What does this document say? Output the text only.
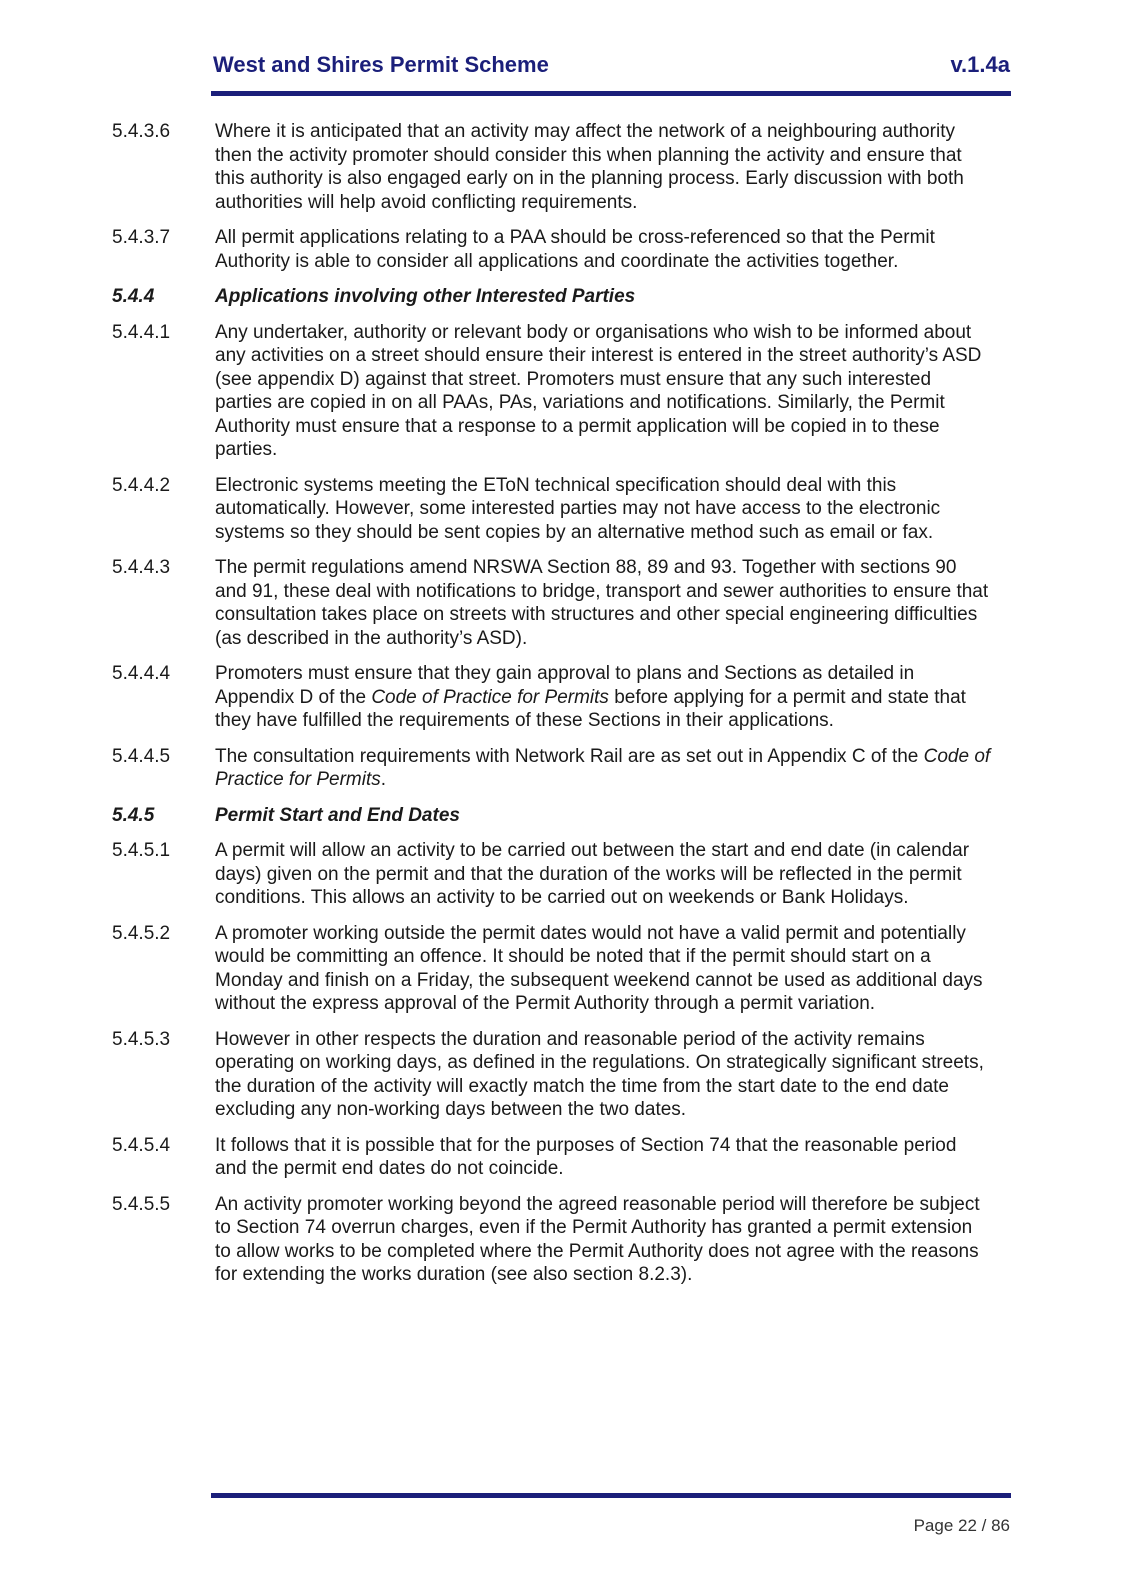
West and Shires Permit Scheme	v.1.4a
5.4.3.6	Where it is anticipated that an activity may affect the network of a neighbouring authority then the activity promoter should consider this when planning the activity and ensure that this authority is also engaged early on in the planning process. Early discussion with both authorities will help avoid conflicting requirements.
5.4.3.7	All permit applications relating to a PAA should be cross-referenced so that the Permit Authority is able to consider all applications and coordinate the activities together.
5.4.4	Applications involving other Interested Parties
5.4.4.1	Any undertaker, authority or relevant body or organisations who wish to be informed about any activities on a street should ensure their interest is entered in the street authority’s ASD (see appendix D) against that street. Promoters must ensure that any such interested parties are copied in on all PAAs, PAs, variations and notifications. Similarly, the Permit Authority must ensure that a response to a permit application will be copied in to these parties.
5.4.4.2	Electronic systems meeting the EToN technical specification should deal with this automatically. However, some interested parties may not have access to the electronic systems so they should be sent copies by an alternative method such as email or fax.
5.4.4.3	The permit regulations amend NRSWA Section 88, 89 and 93. Together with sections 90 and 91, these deal with notifications to bridge, transport and sewer authorities to ensure that consultation takes place on streets with structures and other special engineering difficulties (as described in the authority’s ASD).
5.4.4.4	Promoters must ensure that they gain approval to plans and Sections as detailed in Appendix D of the Code of Practice for Permits before applying for a permit and state that they have fulfilled the requirements of these Sections in their applications.
5.4.4.5	The consultation requirements with Network Rail are as set out in Appendix C of the Code of Practice for Permits.
5.4.5	Permit Start and End Dates
5.4.5.1	A permit will allow an activity to be carried out between the start and end date (in calendar days) given on the permit and that the duration of the works will be reflected in the permit conditions. This allows an activity to be carried out on weekends or Bank Holidays.
5.4.5.2	A promoter working outside the permit dates would not have a valid permit and potentially would be committing an offence. It should be noted that if the permit should start on a Monday and finish on a Friday, the subsequent weekend cannot be used as additional days without the express approval of the Permit Authority through a permit variation.
5.4.5.3	However in other respects the duration and reasonable period of the activity remains operating on working days, as defined in the regulations. On strategically significant streets, the duration of the activity will exactly match the time from the start date to the end date excluding any non-working days between the two dates.
5.4.5.4	It follows that it is possible that for the purposes of Section 74 that the reasonable period and the permit end dates do not coincide.
5.4.5.5	An activity promoter working beyond the agreed reasonable period will therefore be subject to Section 74 overrun charges, even if the Permit Authority has granted a permit extension to allow works to be completed where the Permit Authority does not agree with the reasons for extending the works duration (see also section 8.2.3).
Page 22 / 86
